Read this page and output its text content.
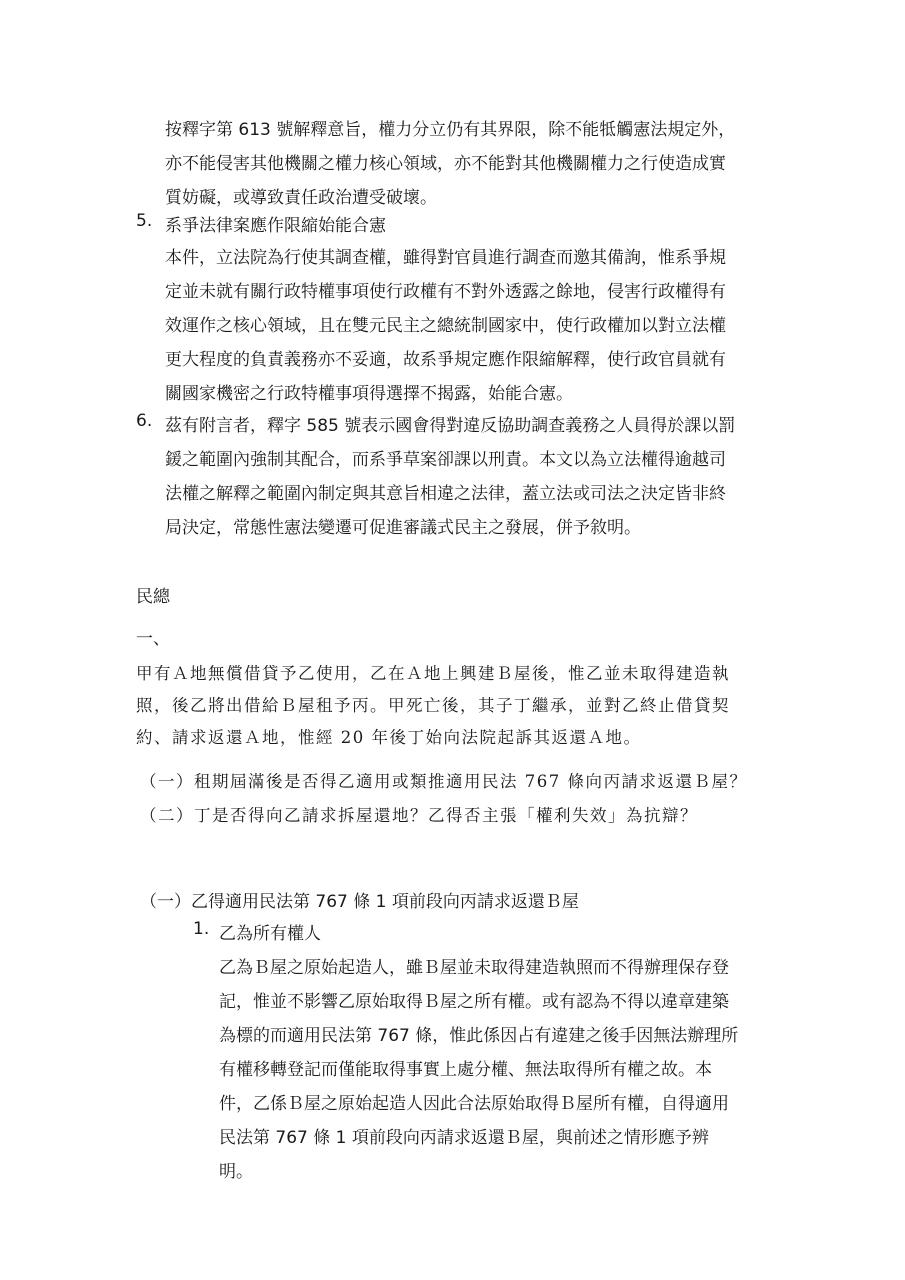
按釋字第 613 號解釋意旨，權力分立仍有其界限，除不能牴觸憲法規定外，
亦不能侵害其他機關之權力核心領域，亦不能對其他機關權力之行使造成實
質妨礙，或導致責任政治遭受破壞。
5. 系爭法律案應作限縮始能合憲
本件，立法院為行使其調查權，雖得對官員進行調查而邀其備詢，惟系爭規
定並未就有關行政特權事項使行政權有不對外透露之餘地，侵害行政權得有
效運作之核心領域，且在雙元民主之總統制國家中，使行政權加以對立法權
更大程度的負責義務亦不妥適，故系爭規定應作限縮解釋，使行政官員就有
關國家機密之行政特權事項得選擇不揭露，始能合憲。
6. 茲有附言者，釋字 585 號表示國會得對違反協助調查義務之人員得於課以罰
鍰之範圍內強制其配合，而系爭草案卻課以刑責。本文以為立法權得逾越司
法權之解釋之範圍內制定與其意旨相違之法律，蓋立法或司法之決定皆非終
局決定，常態性憲法變遷可促進審議式民主之發展，併予敘明。
民總
一、
甲有Ａ地無償借貸予乙使用，乙在Ａ地上興建Ｂ屋後，惟乙並未取得建造執
照，後乙將出借給Ｂ屋租予丙。甲死亡後，其子丁繼承，並對乙終止借貸契
約、請求返還Ａ地，惟經 20 年後丁始向法院起訴其返還Ａ地。
（一）租期屆滿後是否得乙適用或類推適用民法 767 條向丙請求返還Ｂ屋？
（二）丁是否得向乙請求拆屋還地？乙得否主張「權利失效」為抗辯？
（一）乙得適用民法第 767 條 1 項前段向丙請求返還Ｂ屋
1. 乙為所有權人
乙為Ｂ屋之原始起造人，雖Ｂ屋並未取得建造執照而不得辦理保存登
記，惟並不影響乙原始取得Ｂ屋之所有權。或有認為不得以違章建築
為標的而適用民法第 767 條，惟此係因占有違建之後手因無法辦理所
有權移轉登記而僅能取得事實上處分權、無法取得所有權之故。本
件，乙係Ｂ屋之原始起造人因此合法原始取得Ｂ屋所有權，自得適用
民法第 767 條 1 項前段向丙請求返還Ｂ屋，與前述之情形應予辨
明。
